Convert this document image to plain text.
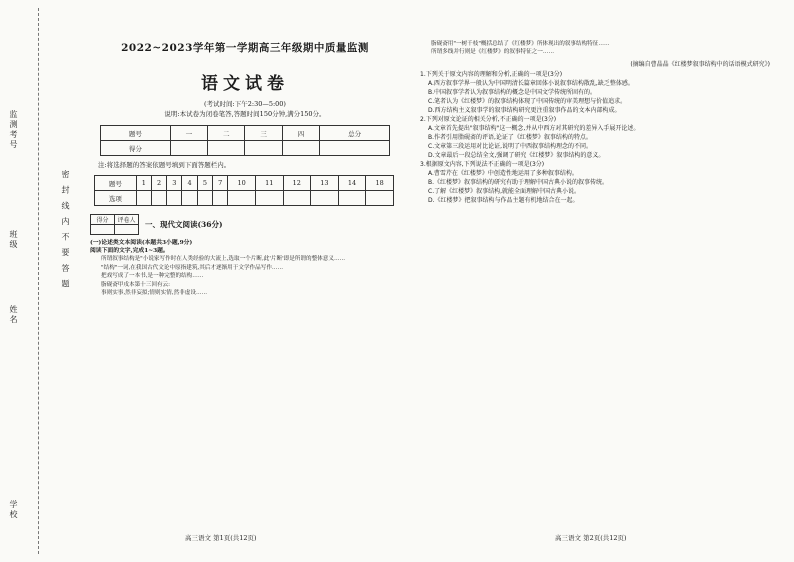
监测考号
班级
姓名
学校
密   封   线   内   不   要   答   题
2022~2023学年第一学期高三年级期中质量监测
语文试卷
(考试时间:下午2:30—5:00)
说明:本试卷为闭卷笔答,答题时间150分钟,满分150分。
题号	一	二	三	四	总分
得分					
注:将选择题的答案依题号填到下面答题栏内。
题号	1	2	3	4	5	7	10	11	12	13	14	18
选项												
得分	评卷人
	一、现代文阅读(36分)
(一)论述类文本阅读(本题共3小题,9分)
阅读下面的文字,完成1~3题。

所谓叙事结构是"小说家写作时在人类经验的大流上,选取一个片断,此'片断'即是所谓的整体意义……

"结构"一词,在我国古代文论中原指建筑,其后才逐渐用于文学作品写作……

把戏写成了一本书,是一种完整的结构……

脂砚斋甲戌本第十三回有云:

事则实事,然非妄拟;情则实情,然非虚设……

高三语文 第1页(共12页)

脂砚斋用"一树千枝"概括总结了《红楼梦》所体现出的叙事结构特征……

所谓多线并行则是《红楼梦》的叙事特征之一……

(摘编自曹晶晶《红楼梦叙事结构中的话语模式研究》)
1.下列关于原文内容的理解和分析,正确的一项是(3分)
A.西方叙事学界一般认为中国明清长篇章回体小说叙事结构散乱,缺乏整体感。
B.中国叙事学者认为叙事结构的概念是中国文学传统所固有的。
C.笔者认为《红楼梦》的叙事结构体现了中国传统的审美理想与价值追求。
D.西方结构主义叙事学的叙事结构研究更注重叙事作品的文本内部构成。
2.下列对原文论证的相关分析,不正确的一项是(3分)
A.文章首先提出"叙事结构"这一概念,并从中西方对其研究的差异入手展开论述。
B.作者引用脂砚斋的评语,论证了《红楼梦》叙事结构的特点。
C.文章第三段运用对比论证,说明了中西叙事结构理念的不同。
D.文章最后一段总结全文,强调了研究《红楼梦》叙事结构的意义。
3.根据原文内容,下列说法不正确的一项是(3分)
A.曹雪芹在《红楼梦》中创造性地运用了多种叙事结构。
B.《红楼梦》叙事结构的研究有助于理解中国古典小说的叙事传统。
C.了解《红楼梦》叙事结构,就能全面理解中国古典小说。
D.《红楼梦》把叙事结构与作品主题有机地结合在一起。
高三语文 第2页(共12页)
